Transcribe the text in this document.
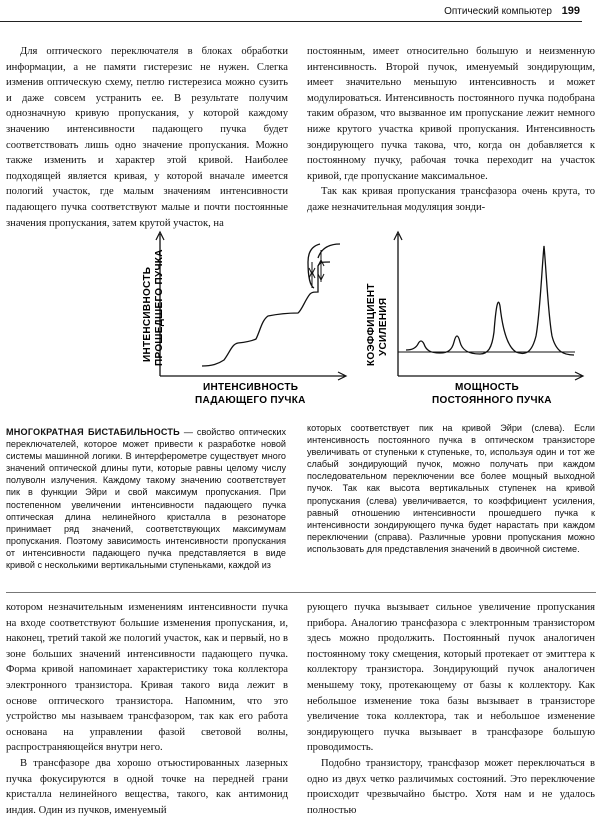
Оптический компьютер 199

Для оптического переключателя в блоках обработки информации, а не памяти гистерезис не нужен. Слегка изменив оптическую схему, петлю гистерезиса можно сузить и даже совсем устранить ее. В результате получим однозначную кривую пропускания, у которой каждому значению интенсивности падающего пучка будет соответствовать лишь одно значение пропускания. Можно также изменить и характер этой кривой. Наиболее подходящей является кривая, у которой вначале имеется пологий участок, где малым значениям интенсивности падающего пучка соответствуют малые и почти постоянные значения пропускания, затем крутой участок, на

постоянным, имеет относительно большую и неизменную интенсивность. Второй пучок, именуемый зондирующим, имеет значительно меньшую интенсивность и может модулироваться. Интенсивность постоянного пучка подобрана таким образом, что вызванное им пропускание лежит немного ниже крутого участка кривой пропускания. Интенсивность зондирующего пучка такова, что, когда он добавляется к постоянному пучку, рабочая точка переходит на участок кривой, где пропускание максимальное.

Так как кривая пропускания трансфазора очень крута, то даже незначительная модуляция зонди-

ИНТЕНСИВНОСТЬ ПРОШЕДШЕГО ПУЧКА
ИНТЕНСИВНОСТЬ
ПАДАЮЩЕГО ПУЧКА
КОЭФФИЦИЕНТ УСИЛЕНИЯ
МОЩНОСТЬ
ПОСТОЯННОГО ПУЧКА

МНОГОКРАТНАЯ БИСТАБИЛЬНОСТЬ — свойство оптических переключателей, которое может привести к разработке новой системы машинной логики. В интерферометре существует много значений оптической длины пути, которые равны целому числу полуволн излучения. Каждому такому значению соответствует пик в функции Эйри и свой максимум пропускания. При постепенном увеличении интенсивности падающего пучка оптическая длина нелинейного кристалла в резонаторе принимает ряд значений, соответствующих максимумам пропускания. Поэтому зависимость интенсивности пропускания от интенсивности падающего пучка представляется в виде кривой с несколькими вертикальными ступеньками, каждой из

которых соответствует пик на кривой Эйри (слева). Если интенсивность постоянного пучка в оптическом транзисторе увеличивать от ступеньки к ступеньке, то, используя один и тот же слабый зондирующий пучок, можно получать при каждом последовательном переключении все более мощный выходной пучок. Так как высота вертикальных ступенек на кривой пропускания (слева) увеличивается, то коэффициент усиления, равный отношению интенсивности прошедшего пучка к интенсивности зондирующего пучка будет нарастать при каждом переключении (справа). Различные уровни пропускания можно использовать для представления значений в двоичной системе.

котором незначительным изменениям интенсивности пучка на входе соответствуют большие изменения пропускания, и, наконец, третий такой же пологий участок, как и первый, но в зоне больших значений интенсивности падающего пучка. Форма кривой напоминает характеристику тока коллектора электронного транзистора. Кривая такого вида лежит в основе оптического транзистора. Напомним, что это устройство мы называем трансфазором, так как его работа основана на управлении фазой световой волны, распространяющейся внутри него.

В трансфазоре два хорошо отъюстированных лазерных пучка фокусируются в одной точке на передней грани кристалла нелинейного вещества, такого, как антимонид индия. Один из пучков, именуемый

рующего пучка вызывает сильное увеличение пропускания прибора. Аналогию трансфазора с электронным транзистором здесь можно продолжить. Постоянный пучок аналогичен постоянному току смещения, который протекает от эмиттера к коллектору транзистора. Зондирующий пучок аналогичен меньшему току, протекающему от базы к коллектору. Как небольшое изменение тока базы вызывает в транзисторе увеличение тока коллектора, так и небольшое изменение зондирующего пучка вызывает в трансфазоре большую проводимость.

Подобно транзистору, трансфазор может переключаться в одно из двух четко различимых состояний. Это переключение происходит чрезвычайно быстро. Хотя нам и не удалось полностью
